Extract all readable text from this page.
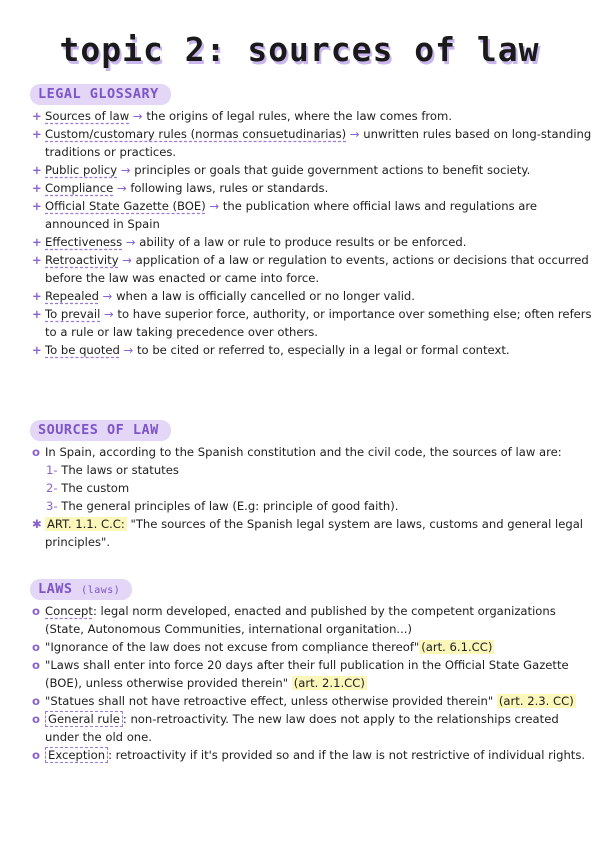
topic 2: sources of law
LEGAL GLOSSARY
+ Sources of law → the origins of legal rules, where the law comes from.
+ Custom/customary rules (normas consuetudinarias) → unwritten rules based on long-standing traditions or practices.
+ Public policy → principles or goals that guide government actions to benefit society.
+ Compliance → following laws, rules or standards.
+ Official State Gazette (BOE) → the publication where official laws and regulations are announced in Spain
+ Effectiveness → ability of a law or rule to produce results or be enforced.
+ Retroactivity → application of a law or regulation to events, actions or decisions that occurred before the law was enacted or came into force.
+ Repealed → when a law is officially cancelled or no longer valid.
+ To prevail → to have superior force, authority, or importance over something else; often refers to a rule or law taking precedence over others.
+ To be quoted → to be cited or referred to, especially in a legal or formal context.
SOURCES OF LAW
o In Spain, according to the Spanish constitution and the civil code, the sources of law are:
1- The laws or statutes
2- The custom
3- The general principles of law (E.g: principle of good faith).
✱ ART. 1.1. C.C: "The sources of the Spanish legal system are laws, customs and general legal principles".
LAWS (laws)
o Concept: legal norm developed, enacted and published by the competent organizations (State, Autonomous Communities, international organitation...)
o "Ignorance of the law does not excuse from compliance thereof" (art. 6.1.CC)
o "Laws shall enter into force 20 days after their full publication in the Official State Gazette (BOE), unless otherwise provided therein" (art. 2.1.CC)
o "Statues shall not have retroactive effect, unless otherwise provided therein" (art. 2.3. CC)
o General rule : non-retroactivity. The new law does not apply to the relationships created under the old one.
o Exception : retroactivity if it's provided so and if the law is not restrictive of individual rights.
